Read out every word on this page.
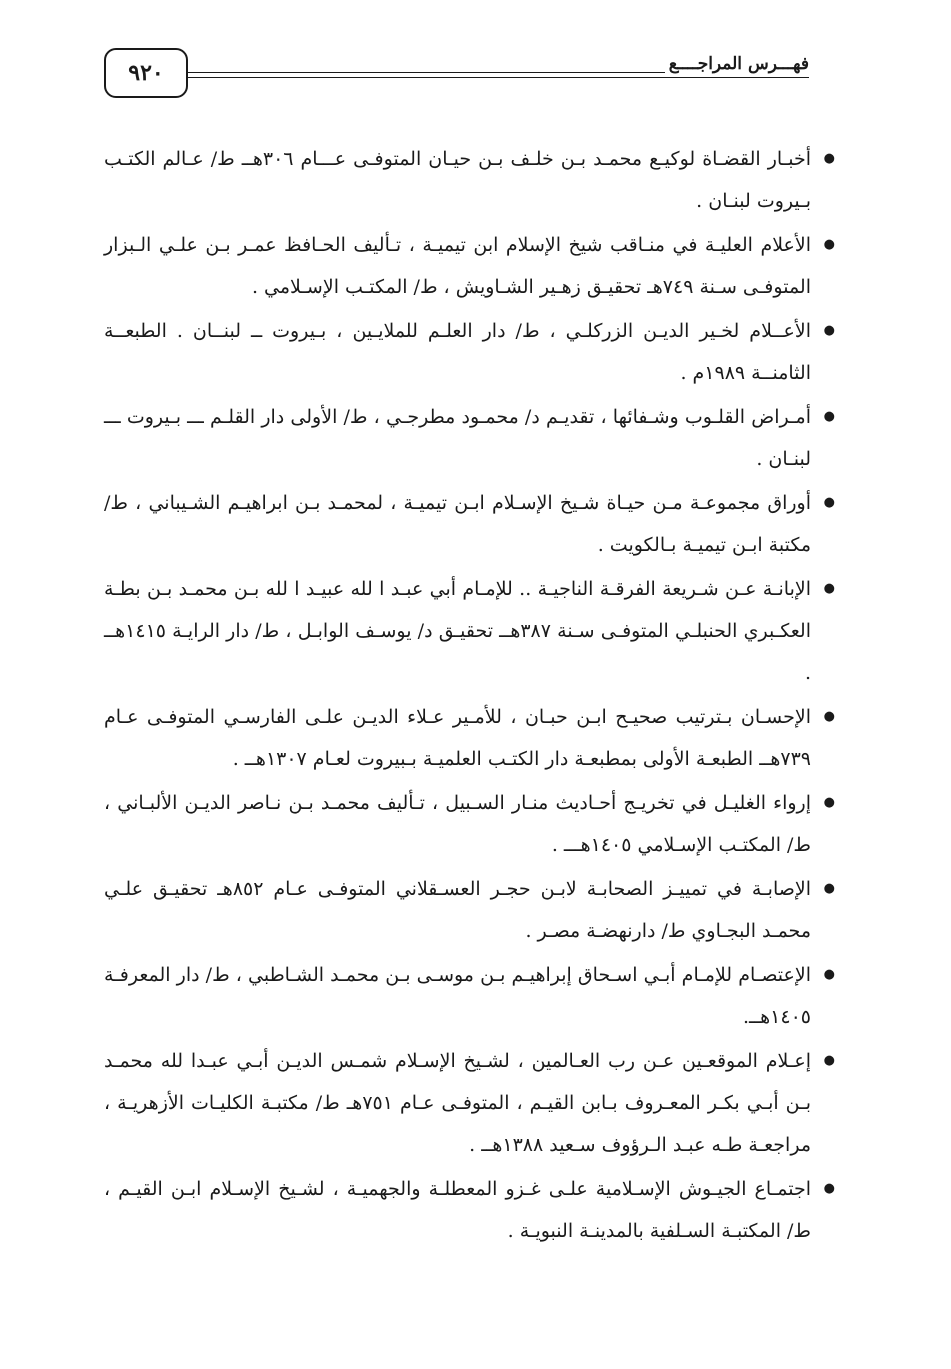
٩٢٠	فهـــرس المراجــــع
●
أخبـار القضـاة لوكيـع محمـد بـن خلـف بـن حيـان المتوفـى عـــام ٣٠٦هــ ط/ عـالم الكتـب بـيروت لبنـان .
●
الأعلام العليـة في منـاقب شيخ الإسلام ابن تيميـة ، تـأليف الحـافظ عمـر بـن علـي الـبزار المتوفـى سـنة ٧٤٩هـ تحقيـق زهـير الشـاويش ، ط/ المكتـب الإسـلامي .
●
الأعــلام لخـير الديـن الزركلـي ، ط/ دار العلـم للملايـين ، بـيروت ــ لبنــان . الطبعــة الثامنــة ١٩٨٩م .
●
أمـراض القلـوب وشـفائها ، تقديـم د/ محمـود مطرجـي ، ط/ الأولى دار القلـم ـــ بـيروت ـــ لبنـان .
●
أوراق مجموعـة مـن حيـاة شـيخ الإسـلام ابـن تيميـة ، لمحمـد بـن ابراهيـم الشـيباني ، ط/ مكتبة ابـن تيميـة بـالكويت .
●
الإبانـة عـن شـريعة الفرقـة الناجيـة .. للإمـام أبي عبـد ا لله عبيـد ا لله بـن محمـد بـن بطـة العكـبري الحنبلـي المتوفـى سـنة ٣٨٧هــ تحقيـق د/ يوسـف الوابـل ، ط/ دار الرايـة ١٤١٥هــ .
●
الإحسـان بـترتيب صحيـح ابـن حبـان ، للأمـير عـلاء الديـن علـى الفارسـي المتوفـى عـام ٧٣٩هــ الطبعـة الأولى بمطبعـة دار الكتـب العلميـة بـبيروت لعـام ١٣٠٧هــ .
●
إرواء الغليـل في تخريـج أحـاديث منـار السـبيل ، تـأليف محمـد بـن نـاصر الديـن الألبـاني ، ط/ المكتـب الإسـلامي ١٤٠٥هـــ .
●
الإصابـة في تمييـز الصحابـة لابـن حجـر العسـقلاني المتوفـى عـام ٨٥٢هـ تحقيـق علـي محمـد البجـاوي ط/ دارنهضـة مصـر .
●
الإعتصـام للإمـام أبـي اسـحاق إبراهيـم بـن موسـى بـن محمـد الشـاطبي ، ط/ دار المعرفـة ١٤٠٥هــ.
●
إعـلام الموقعـين عـن رب العـالمين ، لشـيخ الإسـلام شمـس الديـن أبـي عبـدا لله محمـد بـن أبـي بكـر المعـروف بـابن القيـم ، المتوفـى عـام ٧٥١هـ ط/ مكتبـة الكليـات الأزهريـة ، مراجعـة طـه عبـد الـرؤوف سـعيد ١٣٨٨هــ .
●
اجتمـاع الجيـوش الإسـلامية علـى غـزو المعطلـة والجهميـة ، لشـيخ الإسـلام ابـن القيـم ، ط/ المكتبـة السـلفية بالمدينـة النبويـة .
